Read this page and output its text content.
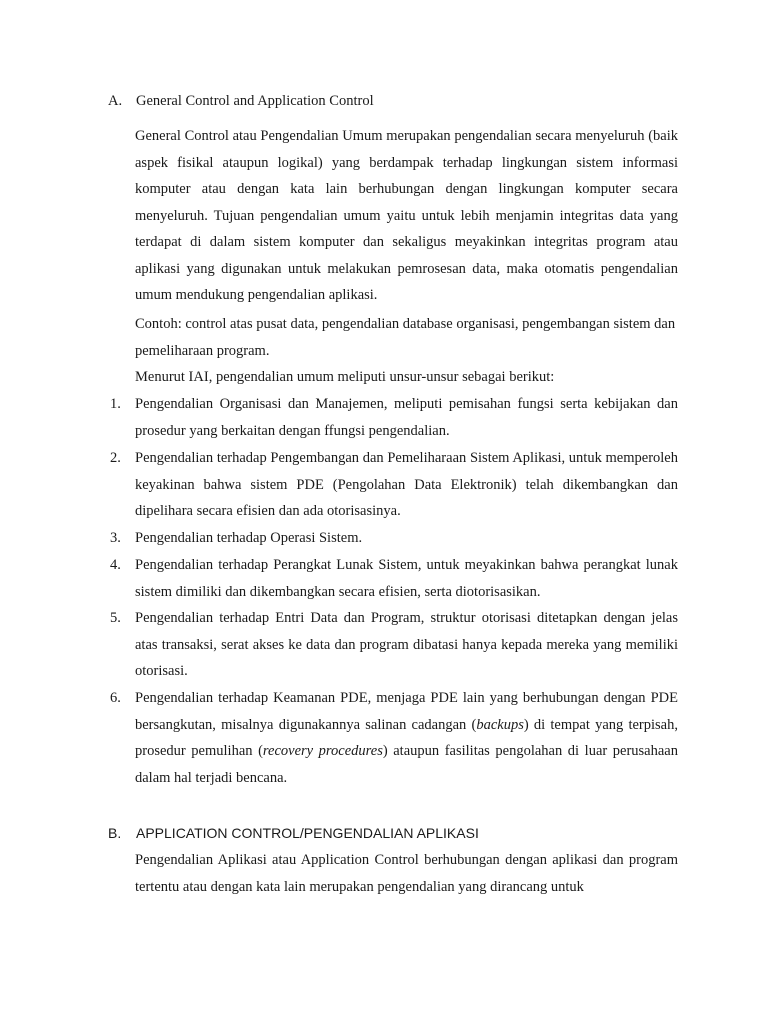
A. General Control and Application Control

General Control atau Pengendalian Umum merupakan pengendalian secara menyeluruh (baik aspek fisikal ataupun logikal) yang berdampak terhadap lingkungan sistem informasi komputer atau dengan kata lain berhubungan dengan lingkungan komputer secara menyeluruh. Tujuan pengendalian umum yaitu untuk lebih menjamin integritas data yang terdapat di dalam sistem komputer dan sekaligus meyakinkan integritas program atau aplikasi yang digunakan untuk melakukan pemrosesan data, maka otomatis pengendalian umum mendukung pengendalian aplikasi.

Contoh: control atas pusat data, pengendalian database organisasi, pengembangan sistem dan pemeliharaan program.

Menurut IAI, pengendalian umum meliputi unsur-unsur sebagai berikut:

1. Pengendalian Organisasi dan Manajemen, meliputi pemisahan fungsi serta kebijakan dan prosedur yang berkaitan dengan ffungsi pengendalian.
2. Pengendalian terhadap Pengembangan dan Pemeliharaan Sistem Aplikasi, untuk memperoleh keyakinan bahwa sistem PDE (Pengolahan Data Elektronik) telah dikembangkan dan dipelihara secara efisien dan ada otorisasinya.
3. Pengendalian terhadap Operasi Sistem.
4. Pengendalian terhadap Perangkat Lunak Sistem, untuk meyakinkan bahwa perangkat lunak sistem dimiliki dan dikembangkan secara efisien, serta diotorisasikan.
5. Pengendalian terhadap Entri Data dan Program, struktur otorisasi ditetapkan dengan jelas atas transaksi, serat akses ke data dan program dibatasi hanya kepada mereka yang memiliki otorisasi.
6. Pengendalian terhadap Keamanan PDE, menjaga PDE lain yang berhubungan dengan PDE bersangkutan, misalnya digunakannya salinan cadangan (backups) di tempat yang terpisah, prosedur pemulihan (recovery procedures) ataupun fasilitas pengolahan di luar perusahaan dalam hal terjadi bencana.
B. APPLICATION CONTROL/PENGENDALIAN APLIKASI

Pengendalian Aplikasi atau Application Control berhubungan dengan aplikasi dan program tertentu atau dengan kata lain merupakan pengendalian yang dirancang untuk
